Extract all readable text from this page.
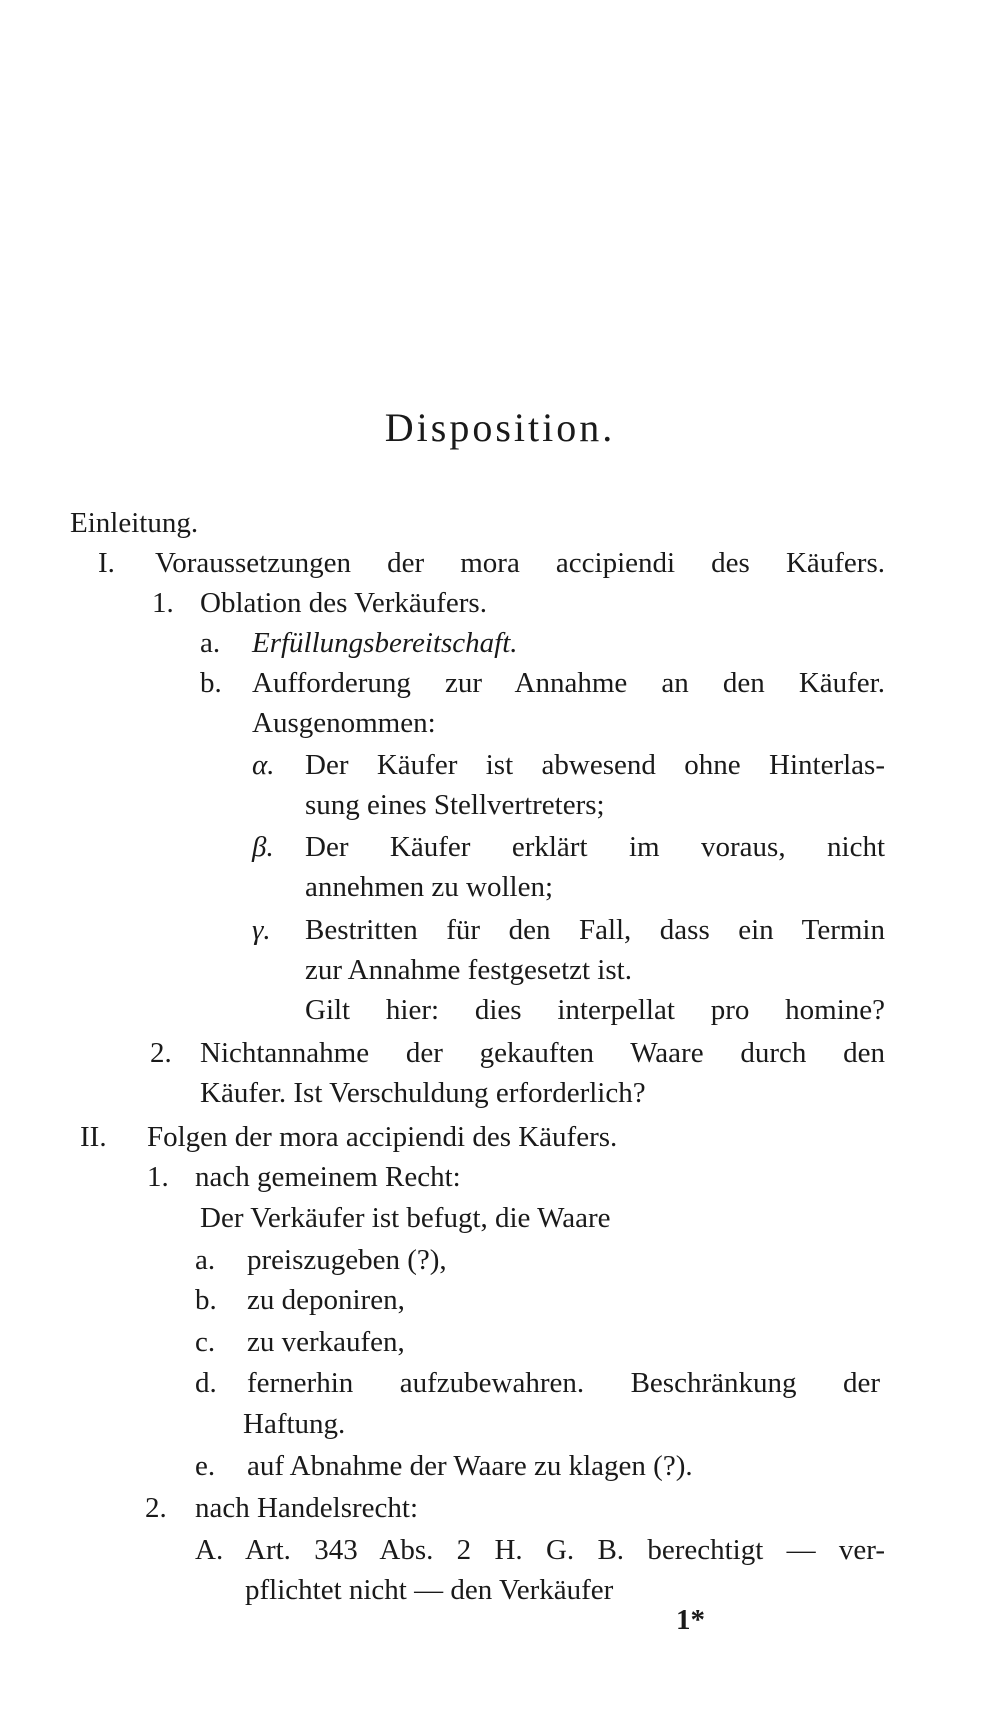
Disposition.
Einleitung.
I. Voraussetzungen der mora accipiendi des Käufers.
1. Oblation des Verkäufers.
a. Erfüllungsbereitschaft.
b. Aufforderung zur Annahme an den Käufer.
Ausgenommen:
α. Der Käufer ist abwesend ohne Hinterlas-
sung eines Stellvertreters;
β. Der Käufer erklärt im voraus, nicht
annehmen zu wollen;
γ. Bestritten für den Fall, dass ein Termin
zur Annahme festgesetzt ist.
Gilt hier: dies interpellat pro homine?
2. Nichtannahme der gekauften Waare durch den
Käufer. Ist Verschuldung erforderlich?
II. Folgen der mora accipiendi des Käufers.
1. nach gemeinem Recht:
Der Verkäufer ist befugt, die Waare
a. preiszugeben (?),
b. zu deponiren,
c. zu verkaufen,
d. fernerhin aufzubewahren. Beschränkung der
Haftung.
e. auf Abnahme der Waare zu klagen (?).
2. nach Handelsrecht:
A. Art. 343 Abs. 2 H. G. B. berechtigt — ver-
pflichtet nicht — den Verkäufer
1*
